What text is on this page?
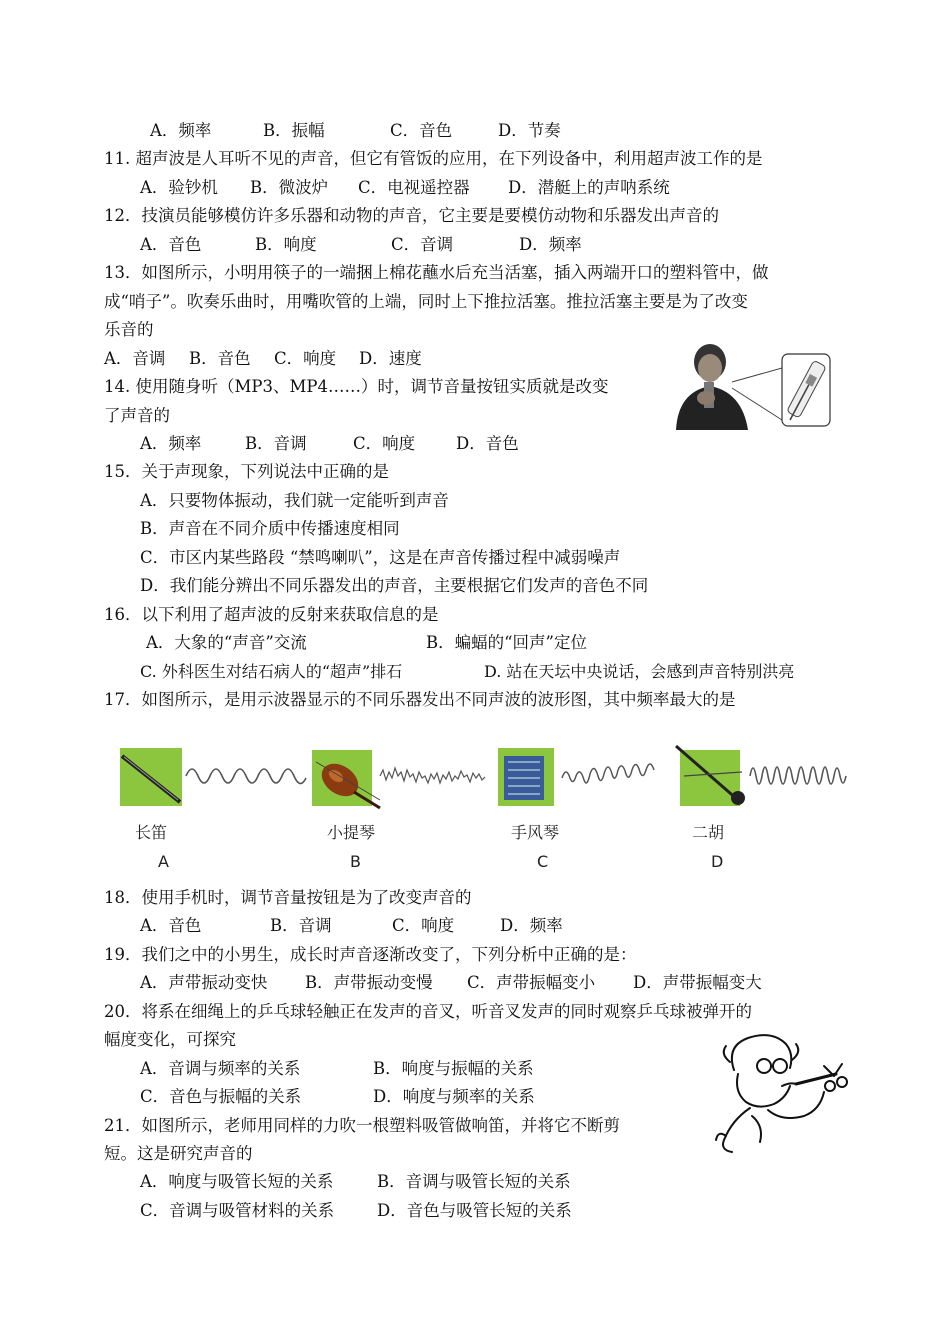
A．频率	B．振幅	C．音色	D．节奏
11. 超声波是人耳听不见的声音，但它有管饭的应用，在下列设备中，利用超声波工作的是
A．验钞机 B．微波炉 C．电视遥控器 D．潜艇上的声呐系统
12．技演员能够模仿许多乐器和动物的声音，它主要是要模仿动物和乐器发出声音的
A．音色	B．响度	C．音调	D．频率
13．如图所示，小明用筷子的一端捆上棉花蘸水后充当活塞，插入两端开口的塑料管中，做
成“哨子”。吹奏乐曲时，用嘴吹管的上端，同时上下推拉活塞。推拉活塞主要是为了改变
乐音的
A．音调 B．音色 C．响度 D．速度
14. 使用随身听（MP3、MP4……）时，调节音量按钮实质就是改变
了声音的
A．频率	B．音调	C．响度 D．音色
15．关于声现象，下列说法中正确的是
A．只要物体振动，我们就一定能听到声音
B．声音在不同介质中传播速度相同
C．市区内某些路段 “禁鸣喇叭”，这是在声音传播过程中减弱噪声
D．我们能分辨出不同乐器发出的声音，主要根据它们发声的音色不同
16．以下利用了超声波的反射来获取信息的是
A．大象的“声音”交流	B．蝙蝠的“回声”定位
C. 外科医生对结石病人的“超声”排石	D. 站在天坛中央说话，会感到声音特别洪亮
17．如图所示，是用示波器显示的不同乐器发出不同声波的波形图，其中频率最大的是
长笛
A
小提琴
B
手风琴
C
二胡
D
18．使用手机时，调节音量按钮是为了改变声音的
A．音色	B．音调	C．响度	D．频率
19．我们之中的小男生，成长时声音逐渐改变了，下列分析中正确的是：
A．声带振动变快 B．声带振动变慢 C．声带振幅变小 D．声带振幅变大
20．将系在细绳上的乒乓球轻触正在发声的音叉，听音叉发声的同时观察乒乓球被弹开的
幅度变化，可探究
A．音调与频率的关系	B．响度与振幅的关系
C．音色与振幅的关系	D．响度与频率的关系
21．如图所示，老师用同样的力吹一根塑料吸管做响笛，并将它不断剪
短。这是研究声音的
A．响度与吸管长短的关系	B．音调与吸管长短的关系
C．音调与吸管材料的关系	D．音色与吸管长短的关系
